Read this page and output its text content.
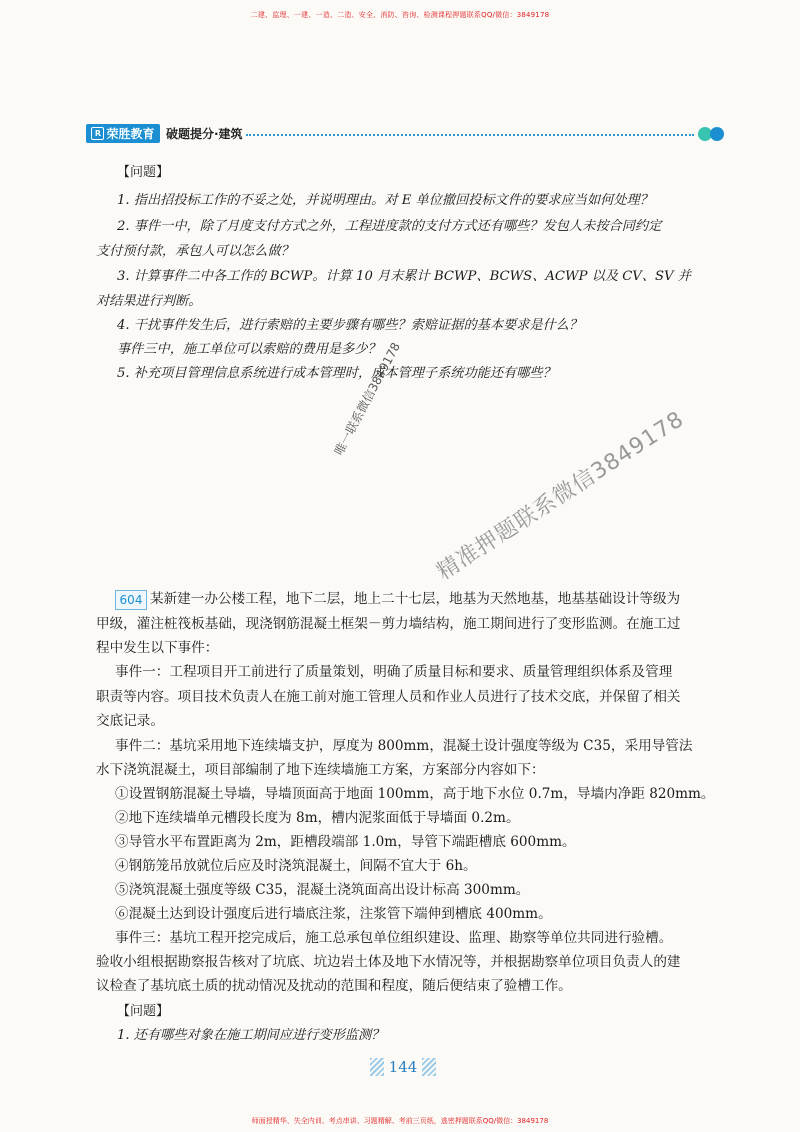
二建、监理、一建、一造、二造、安全、消防、咨询、检测课程押题联系QQ/微信：3849178
R 荣胜教育 破题提分·建筑
【问题】
1. 指出招投标工作的不妥之处，并说明理由。对 E 单位撤回投标文件的要求应当如何处理？
2. 事件一中，除了月度支付方式之外，工程进度款的支付方式还有哪些？发包人未按合同约定
支付预付款，承包人可以怎么做？
3. 计算事件二中各工作的 BCWP。计算 10 月末累计 BCWP、BCWS、ACWP 以及 CV、SV 并
对结果进行判断。
4. 干扰事件发生后，进行索赔的主要步骤有哪些？索赔证据的基本要求是什么？
事件三中，施工单位可以索赔的费用是多少？
5. 补充项目管理信息系统进行成本管理时，成本管理子系统功能还有哪些？
唯一联系微信3849178
精准押题联系微信3849178
604 某新建一办公楼工程，地下二层，地上二十七层，地基为天然地基，地基基础设计等级为
甲级，灌注桩筏板基础，现浇钢筋混凝土框架－剪力墙结构，施工期间进行了变形监测。在施工过
程中发生以下事件：
事件一：工程项目开工前进行了质量策划，明确了质量目标和要求、质量管理组织体系及管理
职责等内容。项目技术负责人在施工前对施工管理人员和作业人员进行了技术交底，并保留了相关
交底记录。
事件二：基坑采用地下连续墙支护，厚度为 800mm，混凝土设计强度等级为 C35，采用导管法
水下浇筑混凝土，项目部编制了地下连续墙施工方案，方案部分内容如下：
①设置钢筋混凝土导墙，导墙顶面高于地面 100mm，高于地下水位 0.7m，导墙内净距 820mm。
②地下连续墙单元槽段长度为 8m，槽内泥浆面低于导墙面 0.2m。
③导管水平布置距离为 2m，距槽段端部 1.0m，导管下端距槽底 600mm。
④钢筋笼吊放就位后应及时浇筑混凝土，间隔不宜大于 6h。
⑤浇筑混凝土强度等级 C35，混凝土浇筑面高出设计标高 300mm。
⑥混凝土达到设计强度后进行墙底注浆，注浆管下端伸到槽底 400mm。
事件三：基坑工程开挖完成后，施工总承包单位组织建设、监理、勘察等单位共同进行验槽。
验收小组根据勘察报告核对了坑底、坑边岩土体及地下水情况等，并根据勘察单位项目负责人的建
议检查了基坑底土质的扰动情况及扰动的范围和程度，随后便结束了验槽工作。
【问题】
1. 还有哪些对象在施工期间应进行变形监测？
144
师面授精华、失全内训、考点串讲、习题精解、考前三页纸，逃密押题联系QQ/微信：3849178
